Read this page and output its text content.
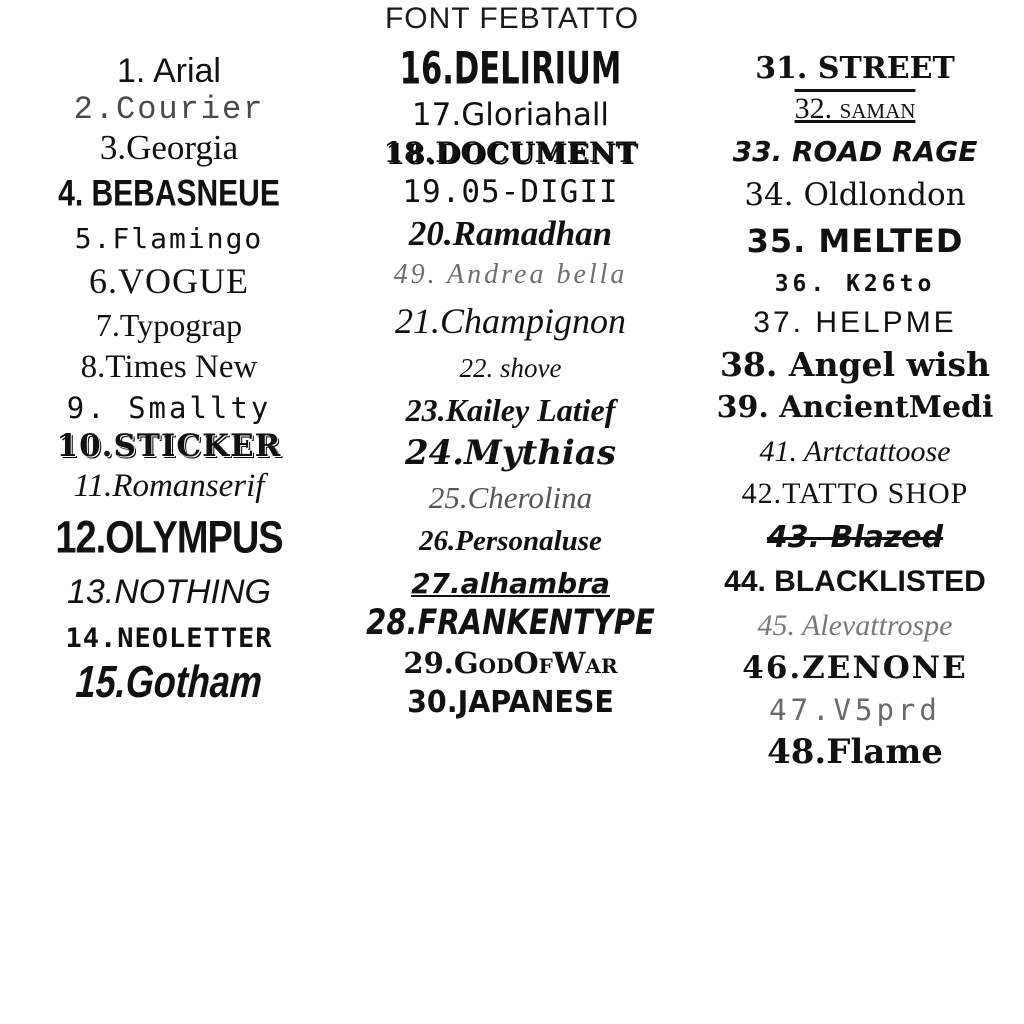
FONT FEBTATTO
1. Arial
2.Courier
3.Georgia
4. BEBASNEUE
5.Flamingo
6.VOGUE
7.Typograp
8.Times New
9. Smallty
10.STICKER
11.Romanserif
12.OLYMPUS
13.NOTHING
14.NEOLETTER
15.Gotham
16.DELIRIUM
17.Gloriahall
18.DOCUMENT
19.05-DIGII
20.Ramadhan
49. Andrea bella
21.Champignon
22. shove
23.Kailey Latief
24.Mythias
25.Cherolina
26.Personaluse
27.alhambra
28.FRANKENTYPE
29.GodOfWar
30.JAPANESE
31. STREET
32. saman
33. ROAD RAGE
34. Oldlondon
35. MELTED
36. K26to
37. HELPME
38. Angel wish
39. AncientMedi
41. Artctattoose
42.TATTO SHOP
43. Blazed
44. BLACKLISTED
45. Alevattrospe
46.ZENONE
47.V5prd
48.Flame
